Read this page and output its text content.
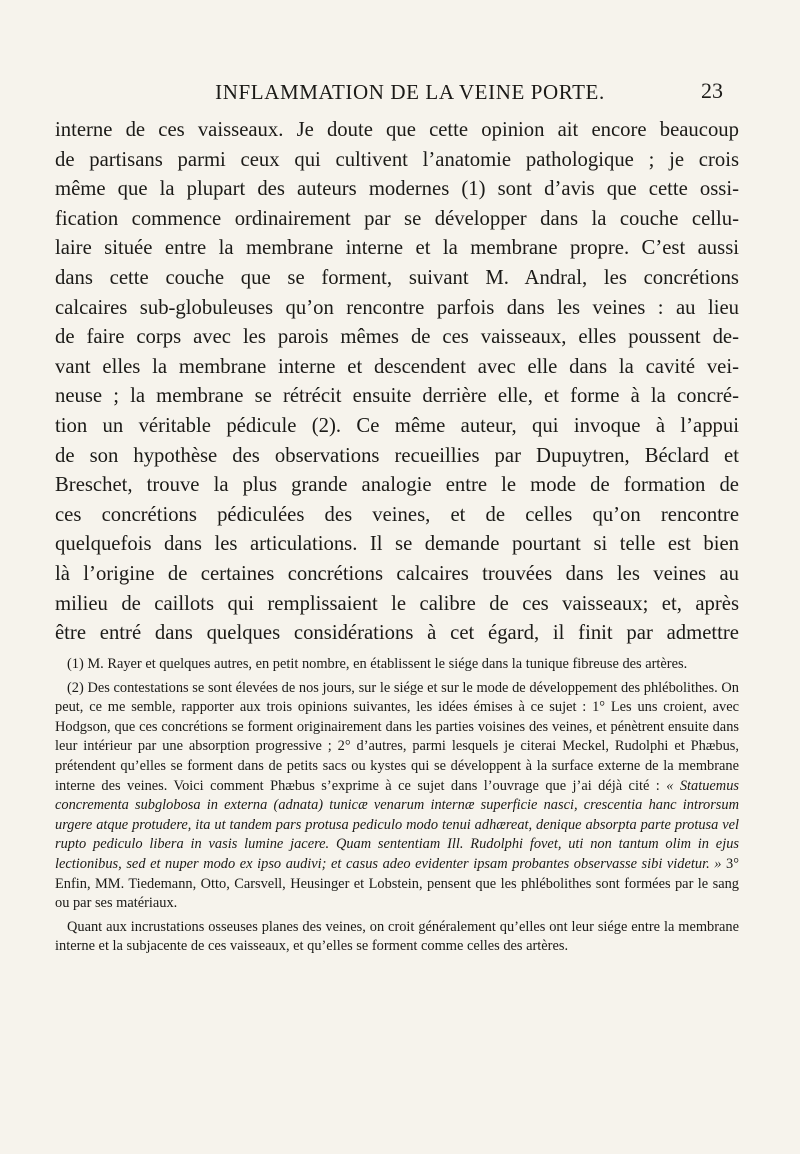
INFLAMMATION DE LA VEINE PORTE.	23
interne de ces vaisseaux. Je doute que cette opinion ait encore beaucoup
de partisans parmi ceux qui cultivent l’anatomie pathologique ; je crois
même que la plupart des auteurs modernes (1) sont d’avis que cette ossi-
fication commence ordinairement par se développer dans la couche cellu-
laire située entre la membrane interne et la membrane propre. C’est aussi
dans cette couche que se forment, suivant M. Andral, les concrétions
calcaires sub-globuleuses qu’on rencontre parfois dans les veines : au lieu
de faire corps avec les parois mêmes de ces vaisseaux, elles poussent de-
vant elles la membrane interne et descendent avec elle dans la cavité vei-
neuse ; la membrane se rétrécit ensuite derrière elle, et forme à la concré-
tion un véritable pédicule (2). Ce même auteur, qui invoque à l’appui
de son hypothèse des observations recueillies par Dupuytren, Béclard et
Breschet, trouve la plus grande analogie entre le mode de formation de
ces concrétions pédiculées des veines, et de celles qu’on rencontre
quelquefois dans les articulations. Il se demande pourtant si telle est bien
là l’origine de certaines concrétions calcaires trouvées dans les veines au
milieu de caillots qui remplissaient le calibre de ces vaisseaux; et, après
être entré dans quelques considérations à cet égard, il finit par admettre

(1) M. Rayer et quelques autres, en petit nombre, en établissent le siége dans la tunique fibreuse des artères.

(2) Des contestations se sont élevées de nos jours, sur le siége et sur le mode de développement des phlébolithes. On peut, ce me semble, rapporter aux trois opinions suivantes, les idées émises à ce sujet : 1° Les uns croient, avec Hodgson, que ces concrétions se forment originairement dans les parties voisines des veines, et pénètrent ensuite dans leur intérieur par une absorption progressive ; 2° d’autres, parmi lesquels je citerai Meckel, Rudolphi et Phæbus, prétendent qu’elles se forment dans de petits sacs ou kystes qui se développent à la surface externe de la membrane interne des veines. Voici comment Phæbus s’exprime à ce sujet dans l’ouvrage que j’ai déjà cité : « Statuemus concrementa subglobosa in externa (adnata) tunicæ venarum internæ superficie nasci, crescentia hanc introrsum urgere atque protudere, ita ut tandem pars protusa pediculo modo tenui adhæreat, denique absorpta parte protusa vel rupto pediculo libera in vasis lumine jacere. Quam sententiam Ill. Rudolphi fovet, uti non tantum olim in ejus lectionibus, sed et nuper modo ex ipso audivi; et casus adeo evidenter ipsam probantes observasse sibi videtur. » 3° Enfin, MM. Tiedemann, Otto, Carsvell, Heusinger et Lobstein, pensent que les phlébolithes sont formées par le sang ou par ses matériaux.

Quant aux incrustations osseuses planes des veines, on croit généralement qu’elles ont leur siége entre la membrane interne et la subjacente de ces vaisseaux, et qu’elles se forment comme celles des artères.
